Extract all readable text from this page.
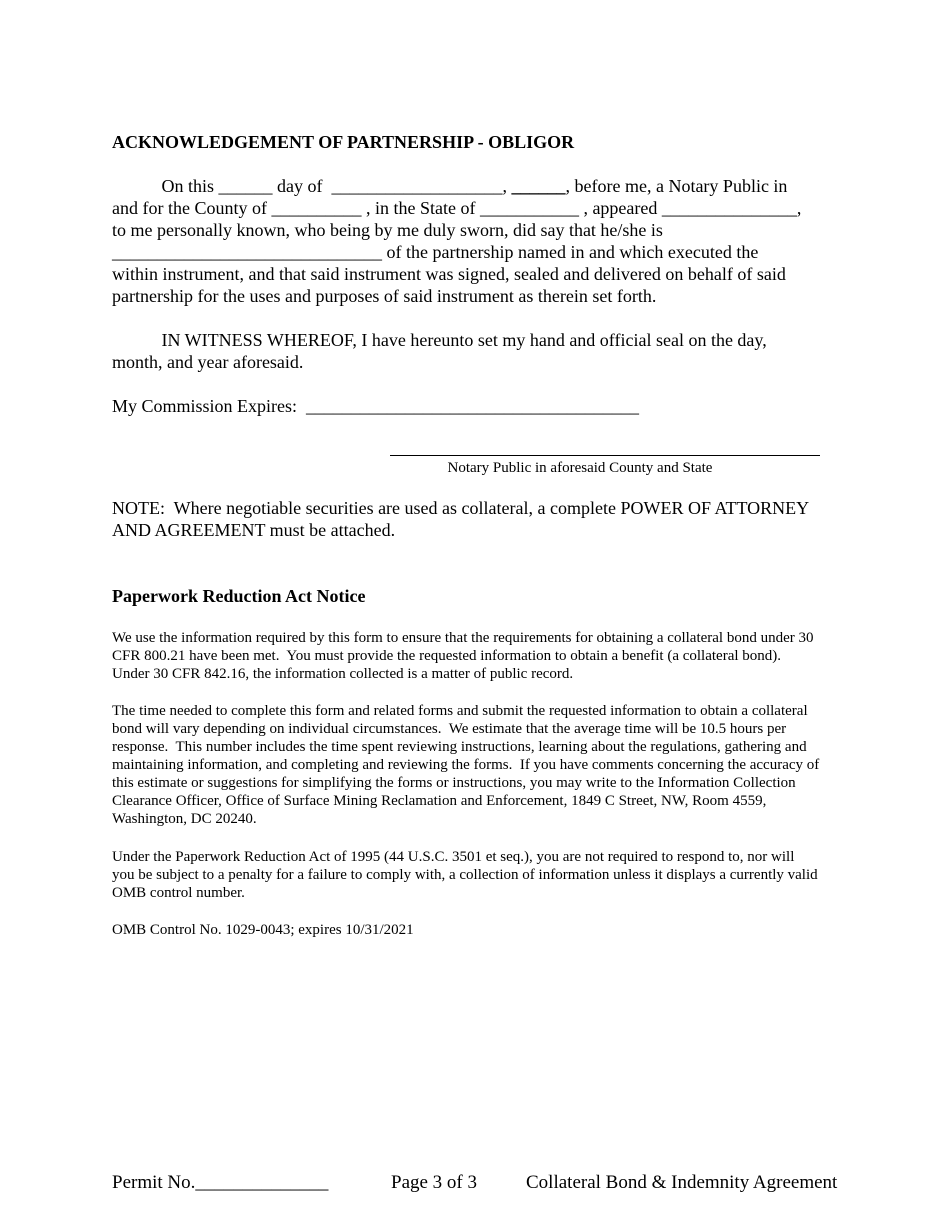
ACKNOWLEDGEMENT OF PARTNERSHIP - OBLIGOR
On this ______ day of  ___________________, ______, before me, a Notary Public in
and for the County of __________ , in the State of ___________ , appeared _______________,
to me personally known, who being by me duly sworn, did say that he/she is
______________________________ of the partnership named in and which executed the
within instrument, and that said instrument was signed, sealed and delivered on behalf of said
partnership for the uses and purposes of said instrument as therein set forth.
IN WITNESS WHEREOF, I have hereunto set my hand and official seal on the day,
month, and year aforesaid.
My Commission Expires:  _____________________________________
Notary Public in aforesaid County and State
NOTE:  Where negotiable securities are used as collateral, a complete POWER OF ATTORNEY
AND AGREEMENT must be attached.
Paperwork Reduction Act Notice
We use the information required by this form to ensure that the requirements for obtaining a collateral bond under 30
CFR 800.21 have been met.  You must provide the requested information to obtain a benefit (a collateral bond).
Under 30 CFR 842.16, the information collected is a matter of public record.
The time needed to complete this form and related forms and submit the requested information to obtain a collateral
bond will vary depending on individual circumstances.  We estimate that the average time will be 10.5 hours per
response.  This number includes the time spent reviewing instructions, learning about the regulations, gathering and
maintaining information, and completing and reviewing the forms.  If you have comments concerning the accuracy of
this estimate or suggestions for simplifying the forms or instructions, you may write to the Information Collection
Clearance Officer, Office of Surface Mining Reclamation and Enforcement, 1849 C Street, NW, Room 4559,
Washington, DC 20240.
Under the Paperwork Reduction Act of 1995 (44 U.S.C. 3501 et seq.), you are not required to respond to, nor will
you be subject to a penalty for a failure to comply with, a collection of information unless it displays a currently valid
OMB control number.
OMB Control No. 1029-0043; expires 10/31/2021
Permit No.______________	Page 3 of 3	Collateral Bond & Indemnity Agreement
